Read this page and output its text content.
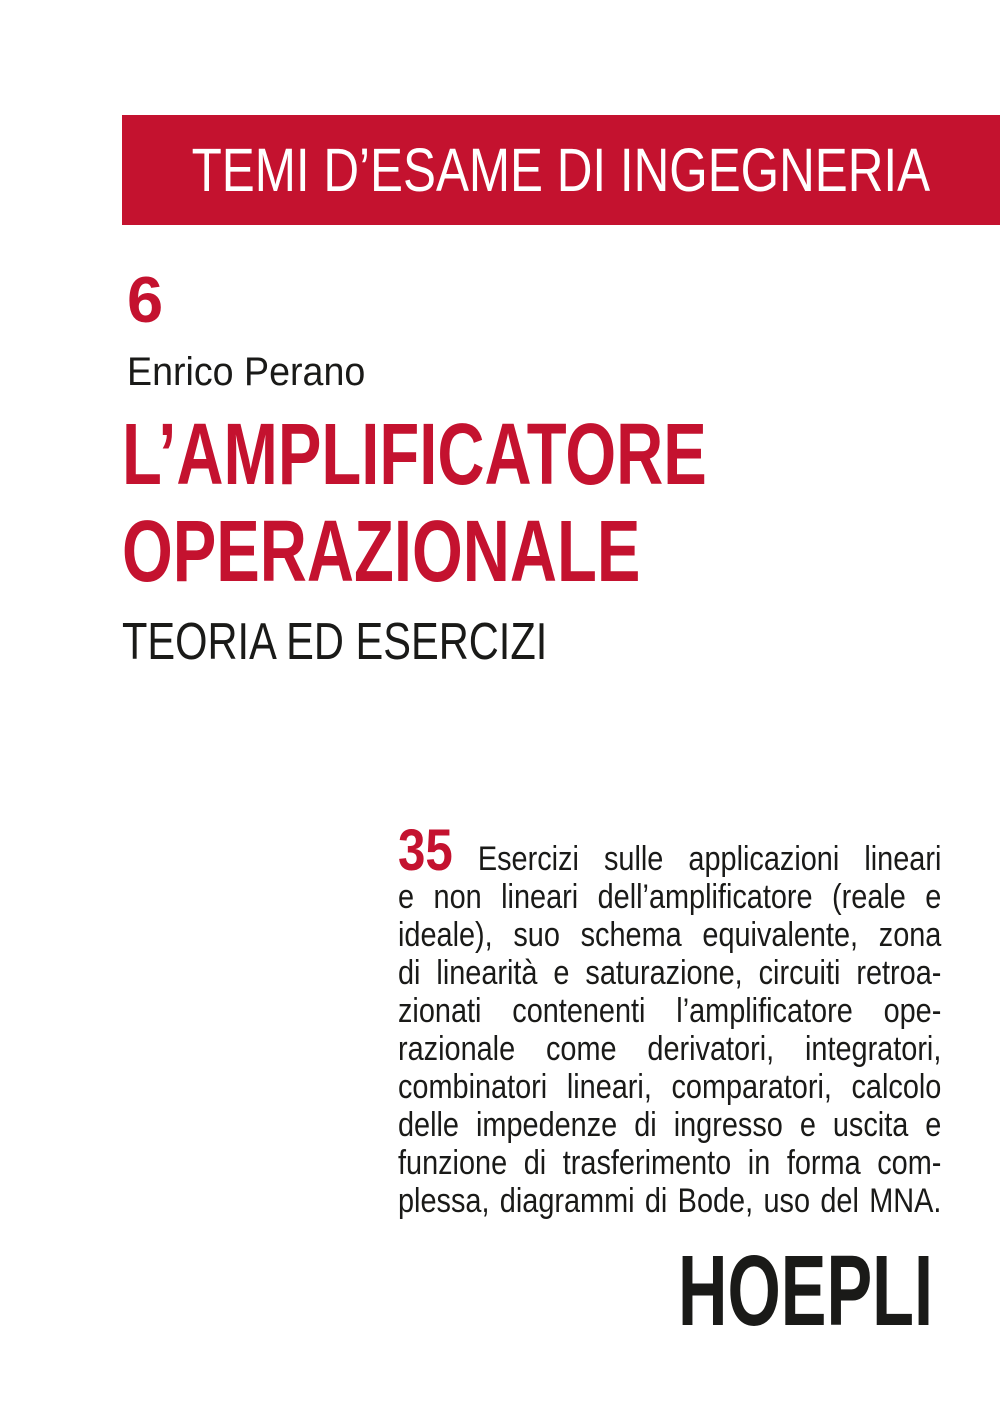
TEMI D’ESAME DI INGEGNERIA
6
Enrico Perano
L’AMPLIFICATORE
OPERAZIONALE
TEORIA ED ESERCIZI
35 Esercizi sulle applicazioni lineari
e non lineari dell’amplificatore (reale e
ideale), suo schema equivalente, zona
di linearità e saturazione, circuiti retroa-
zionati contenenti l’amplificatore ope-
razionale come derivatori, integratori,
combinatori lineari, comparatori, calcolo
delle impedenze di ingresso e uscita e
funzione di trasferimento in forma com-
plessa, diagrammi di Bode, uso del MNA.
HOEPLI
